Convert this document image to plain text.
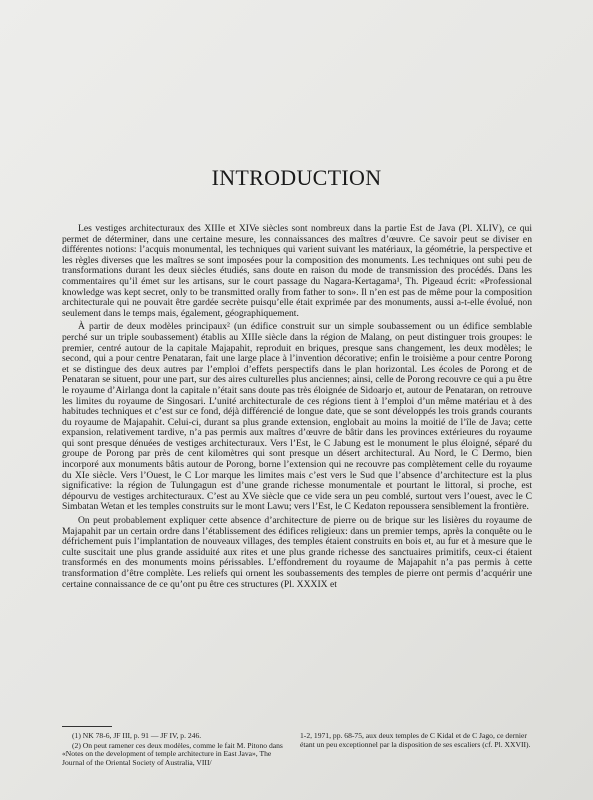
INTRODUCTION

Les vestiges architecturaux des XIIIe et XIVe siècles sont nombreux dans la partie Est de Java (Pl. XLIV), ce qui permet de déterminer, dans une certaine mesure, les connaissances des maîtres d’œuvre. Ce savoir peut se diviser en différentes notions: l’acquis monumental, les techniques qui varient suivant les matériaux, la géométrie, la perspective et les règles diverses que les maîtres se sont imposées pour la composition des monuments. Les techniques ont subi peu de transformations durant les deux siècles étudiés, sans doute en raison du mode de transmission des procédés. Dans les commentaires qu’il émet sur les artisans, sur le court passage du Nagara-Kertagama¹, Th. Pigeaud écrit: «Professional knowledge was kept secret, only to be transmitted orally from father to son». Il n’en est pas de même pour la composition architecturale qui ne pouvait être gardée secrète puisqu’elle était exprimée par des monuments, aussi a-t-elle évolué, non seulement dans le temps mais, également, géographiquement.

À partir de deux modèles principaux² (un édifice construit sur un simple soubassement ou un édifice semblable perché sur un triple soubassement) établis au XIIIe siècle dans la région de Malang, on peut distinguer trois groupes: le premier, centré autour de la capitale Majapahit, reproduit en briques, presque sans changement, les deux modèles; le second, qui a pour centre Penataran, fait une large place à l’invention décorative; enfin le troisième a pour centre Porong et se distingue des deux autres par l’emploi d’effets perspectifs dans le plan horizontal. Les écoles de Porong et de Penataran se situent, pour une part, sur des aires culturelles plus anciennes; ainsi, celle de Porong recouvre ce qui a pu être le royaume d’Airlanga dont la capitale n’était sans doute pas très éloignée de Sidoarjo et, autour de Penataran, on retrouve les limites du royaume de Singosari. L’unité architecturale de ces régions tient à l’emploi d’un même matériau et à des habitudes techniques et c’est sur ce fond, déjà différencié de longue date, que se sont développés les trois grands courants du royaume de Majapahit. Celui-ci, durant sa plus grande extension, englobait au moins la moitié de l’île de Java; cette expansion, relativement tardive, n’a pas permis aux maîtres d’œuvre de bâtir dans les provinces extérieures du royaume qui sont presque dénuées de vestiges architecturaux. Vers l’Est, le C Jabung est le monument le plus éloigné, séparé du groupe de Porong par près de cent kilomètres qui sont presque un désert architectural. Au Nord, le C Dermo, bien incorporé aux monuments bâtis autour de Porong, borne l’extension qui ne recouvre pas complètement celle du royaume du XIe siècle. Vers l’Ouest, le C Lor marque les limites mais c’est vers le Sud que l’absence d’architecture est la plus significative: la région de Tulungagun est d’une grande richesse monumentale et pourtant le littoral, si proche, est dépourvu de vestiges architecturaux. C’est au XVe siècle que ce vide sera un peu comblé, surtout vers l’ouest, avec le C Simbatan Wetan et les temples construits sur le mont Lawu; vers l’Est, le C Kedaton repoussera sensiblement la frontière.

On peut probablement expliquer cette absence d’architecture de pierre ou de brique sur les lisières du royaume de Majapahit par un certain ordre dans l’établissement des édifices religieux: dans un premier temps, après la conquête ou le défrichement puis l’implantation de nouveaux villages, des temples étaient construits en bois et, au fur et à mesure que le culte suscitait une plus grande assiduité aux rites et une plus grande richesse des sanctuaires primitifs, ceux-ci étaient transformés en des monuments moins périssables. L’effondrement du royaume de Majapahit n’a pas permis à cette transformation d’être complète. Les reliefs qui ornent les soubassements des temples de pierre ont permis d’acquérir une certaine connaissance de ce qu’ont pu être ces structures (Pl. XXXIX et

(1) NK 78-6, JF III, p. 91 — JF IV, p. 246.
(2) On peut ramener ces deux modèles, comme le fait M. Pitono dans «Notes on the development of temple architecture in East Java», The Journal of the Oriental Society of Australia, VIII/
1-2, 1971, pp. 68-75, aux deux temples de C Kidal et de C Jago, ce dernier étant un peu exceptionnel par la disposition de ses escaliers (cf. Pl. XXVII).
